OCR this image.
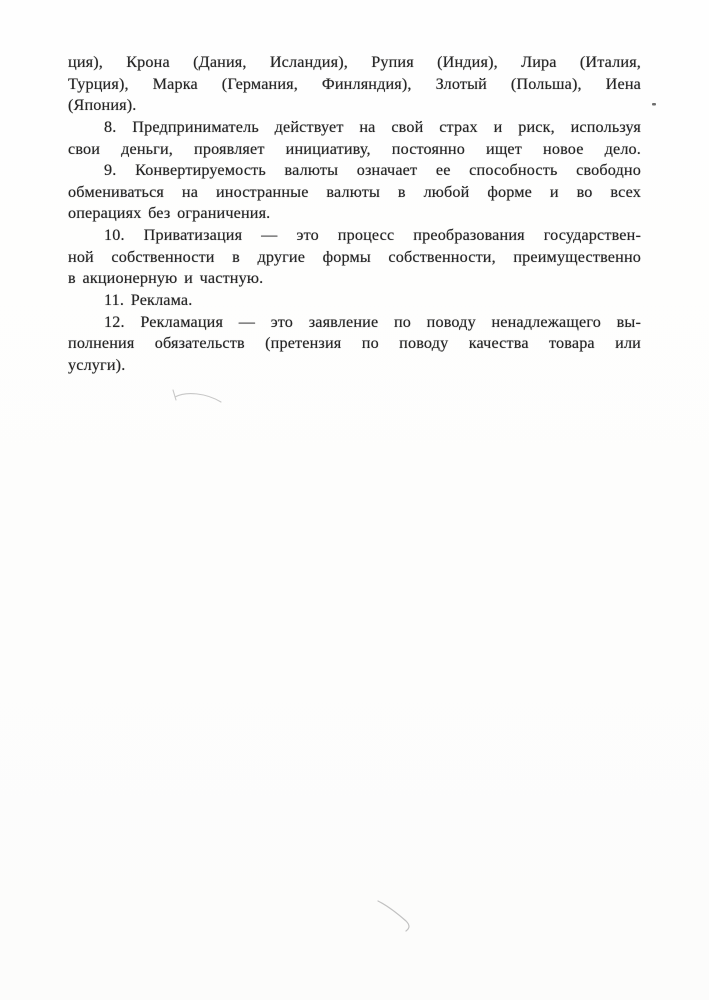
ция), Крона (Дания, Исландия), Рупия (Индия), Лира (Италия,
Турция), Марка (Германия, Финляндия), Злотый (Польша), Иена
(Япония).
8. Предприниматель действует на свой страх и риск, используя
свои деньги, проявляет инициативу, постоянно ищет новое дело.
9. Конвертируемость валюты означает ее способность свободно
обмениваться на иностранные валюты в любой форме и во всех
операциях без ограничения.
10. Приватизация — это процесс преобразования государствен-
ной собственности в другие формы собственности, преимущественно
в акционерную и частную.
11. Реклама.
12. Рекламация — это заявление по поводу ненадлежащего вы-
полнения обязательств (претензия по поводу качества товара или
услуги).
